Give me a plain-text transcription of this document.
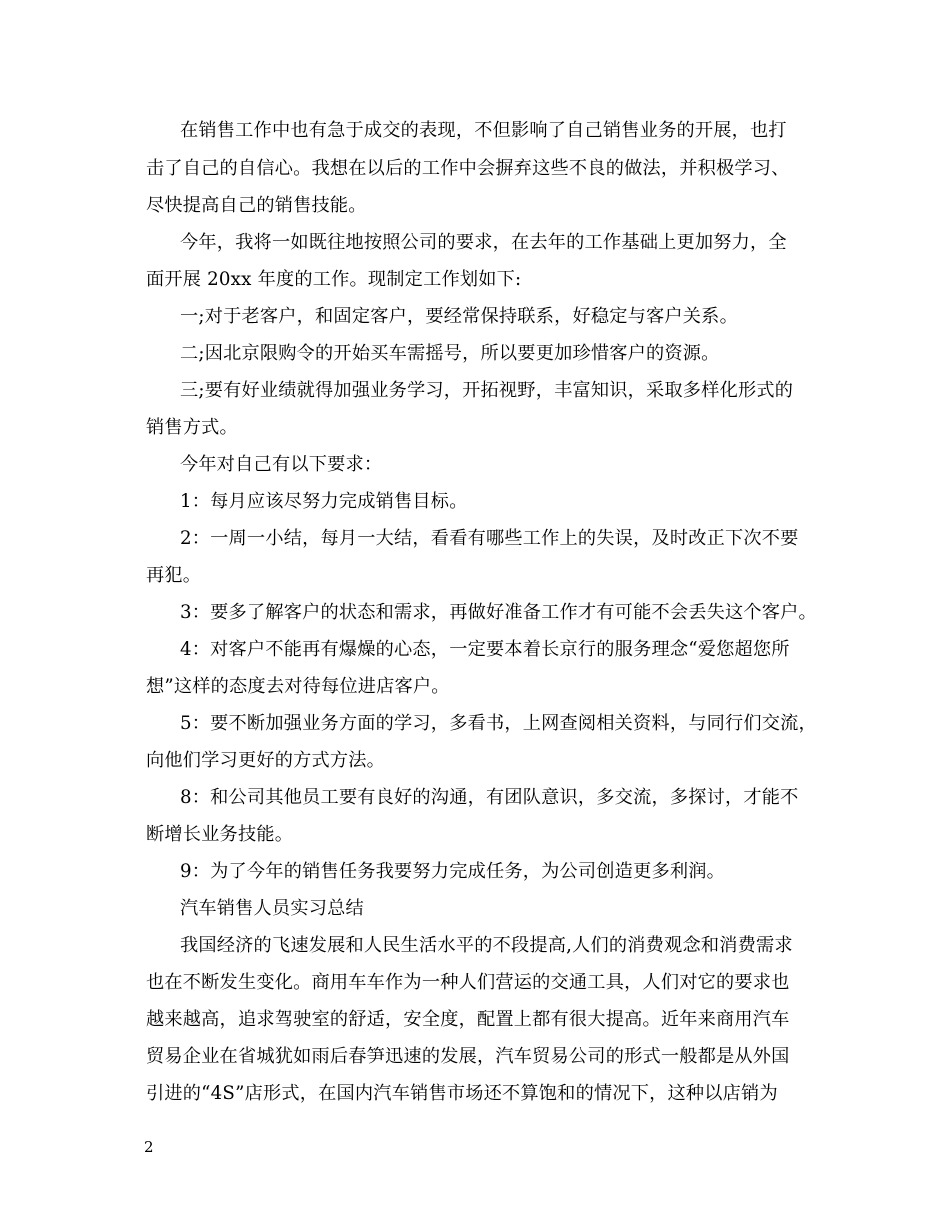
在销售工作中也有急于成交的表现，不但影响了自己销售业务的开展，也打
击了自己的自信心。我想在以后的工作中会摒弃这些不良的做法，并积极学习、
尽快提高自己的销售技能。
今年，我将一如既往地按照公司的要求，在去年的工作基础上更加努力，全
面开展 20xx 年度的工作。现制定工作划如下:
一;对于老客户，和固定客户，要经常保持联系，好稳定与客户关系。
二;因北京限购令的开始买车需摇号，所以要更加珍惜客户的资源。
三;要有好业绩就得加强业务学习，开拓视野，丰富知识，采取多样化形式的
销售方式。
今年对自己有以下要求：
1：每月应该尽努力完成销售目标。
2：一周一小结，每月一大结，看看有哪些工作上的失误，及时改正下次不要
再犯。
3：要多了解客户的状态和需求，再做好准备工作才有可能不会丢失这个客户。
4：对客户不能再有爆燥的心态，一定要本着长京行的服务理念“爱您超您所
想”这样的态度去对待每位进店客户。
5：要不断加强业务方面的学习，多看书，上网查阅相关资料，与同行们交流，
向他们学习更好的方式方法。
8：和公司其他员工要有良好的沟通，有团队意识，多交流，多探讨，才能不
断增长业务技能。
9：为了今年的销售任务我要努力完成任务，为公司创造更多利润。
汽车销售人员实习总结
我国经济的飞速发展和人民生活水平的不段提高,人们的消费观念和消费需求
也在不断发生变化。商用车车作为一种人们营运的交通工具，人们对它的要求也
越来越高，追求驾驶室的舒适，安全度，配置上都有很大提高。近年来商用汽车
贸易企业在省城犹如雨后春笋迅速的发展，汽车贸易公司的形式一般都是从外国
引进的“4S”店形式，在国内汽车销售市场还不算饱和的情况下，这种以店销为
2
